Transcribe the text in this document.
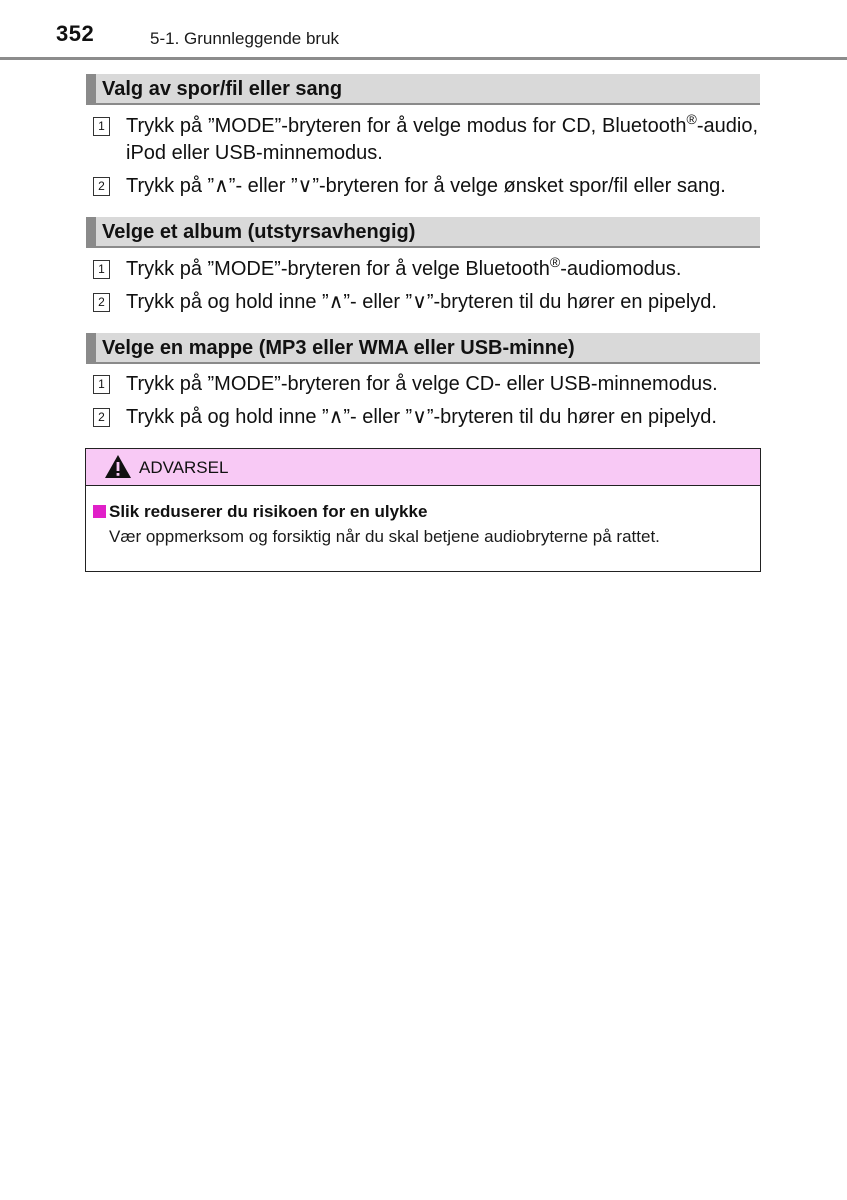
352	5-1. Grunnleggende bruk
Valg av spor/fil eller sang
1 Trykk på ”MODE”-bryteren for å velge modus for CD, Bluetooth®-audio, iPod eller USB-minnemodus.
2 Trykk på ”∧”- eller ”∨”-bryteren for å velge ønsket spor/fil eller sang.
Velge et album (utstyrsavhengig)
1 Trykk på ”MODE”-bryteren for å velge Bluetooth®-audiomodus.
2 Trykk på og hold inne ”∧”- eller ”∨”-bryteren til du hører en pipelyd.
Velge en mappe (MP3 eller WMA eller USB-minne)
1 Trykk på ”MODE”-bryteren for å velge CD- eller USB-minnemodus.
2 Trykk på og hold inne ”∧”- eller ”∨”-bryteren til du hører en pipelyd.
ADVARSEL
Slik reduserer du risikoen for en ulykke
Vær oppmerksom og forsiktig når du skal betjene audiobryterne på rattet.
